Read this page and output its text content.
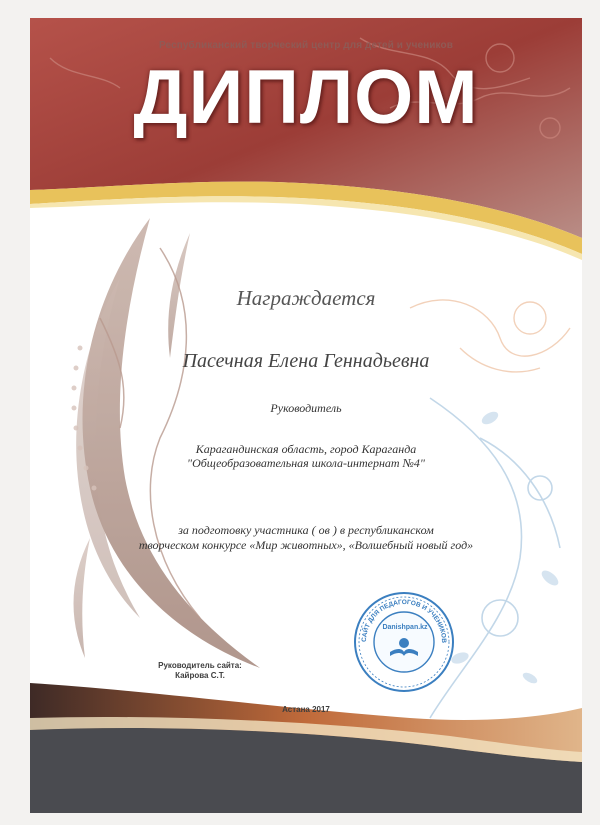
Республиканский творческий центр для детей и учеников
ДИПЛОМ
Награждается
Пасечная Елена Геннадьевна
Руководитель
Карагандинская область, город Караганда
"Общеобразовательная школа-интернат №4"
за подготовку участника ( ов ) в республиканском
творческом конкурсе «Мир животных», «Волшебный новый год»
Руководитель сайта:
Кайрова С.Т.
Астана 2017
САЙТ ДЛЯ ПЕДАГОГОВ И УЧЕНИКОВ
Danishpan.kz
